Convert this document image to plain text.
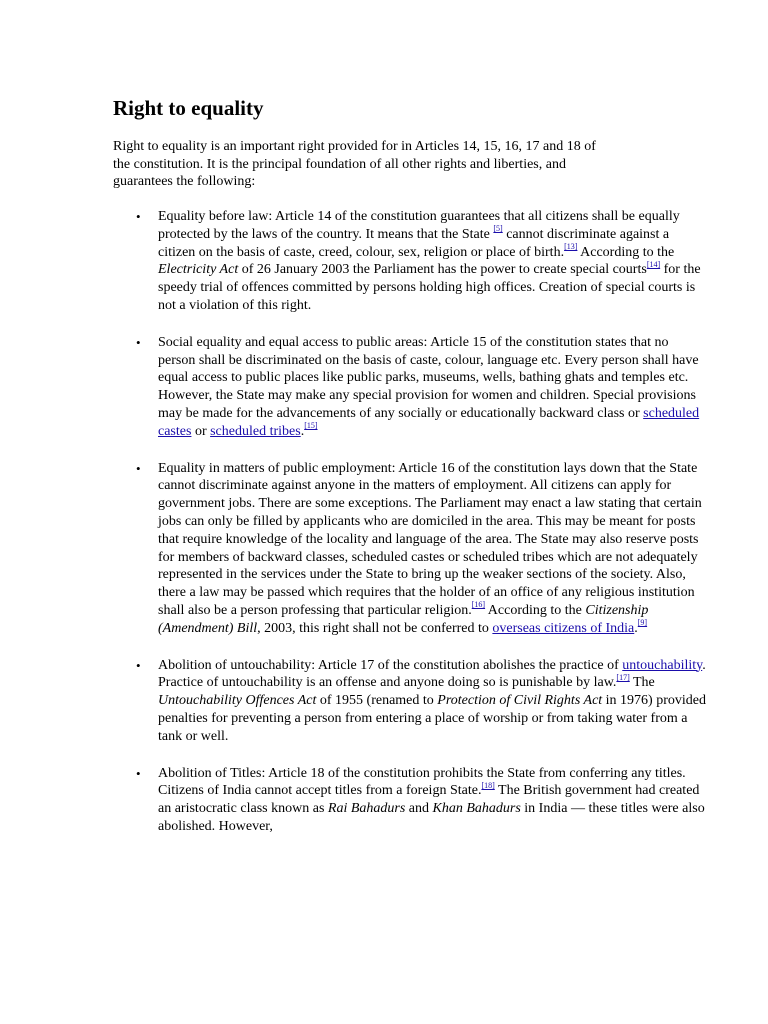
Right to equality

Right to equality is an important right provided for in Articles 14, 15, 16, 17 and 18 of
the constitution. It is the principal foundation of all other rights and liberties, and
guarantees the following:

• Equality before law: Article 14 of the constitution guarantees that all citizens shall be equally protected by the laws of the country. It means that the State [5] cannot discriminate against a citizen on the basis of caste, creed, colour, sex, religion or place of birth.[13] According to the Electricity Act of 26 January 2003 the Parliament has the power to create special courts[14] for the speedy trial of offences committed by persons holding high offices. Creation of special courts is not a violation of this right.
• Social equality and equal access to public areas: Article 15 of the constitution states that no person shall be discriminated on the basis of caste, colour, language etc. Every person shall have equal access to public places like public parks, museums, wells, bathing ghats and temples etc. However, the State may make any special provision for women and children. Special provisions may be made for the advancements of any socially or educationally backward class or scheduled castes or scheduled tribes.[15]
• Equality in matters of public employment: Article 16 of the constitution lays down that the State cannot discriminate against anyone in the matters of employment. All citizens can apply for government jobs. There are some exceptions. The Parliament may enact a law stating that certain jobs can only be filled by applicants who are domiciled in the area. This may be meant for posts that require knowledge of the locality and language of the area. The State may also reserve posts for members of backward classes, scheduled castes or scheduled tribes which are not adequately represented in the services under the State to bring up the weaker sections of the society. Also, there a law may be passed which requires that the holder of an office of any religious institution shall also be a person professing that particular religion.[16] According to the Citizenship (Amendment) Bill, 2003, this right shall not be conferred to overseas citizens of India.[9]
• Abolition of untouchability: Article 17 of the constitution abolishes the practice of untouchability. Practice of untouchability is an offense and anyone doing so is punishable by law.[17] The Untouchability Offences Act of 1955 (renamed to Protection of Civil Rights Act in 1976) provided penalties for preventing a person from entering a place of worship or from taking water from a tank or well.
• Abolition of Titles: Article 18 of the constitution prohibits the State from conferring any titles. Citizens of India cannot accept titles from a foreign State.[18] The British government had created an aristocratic class known as Rai Bahadurs and Khan Bahadurs in India — these titles were also abolished. However,
